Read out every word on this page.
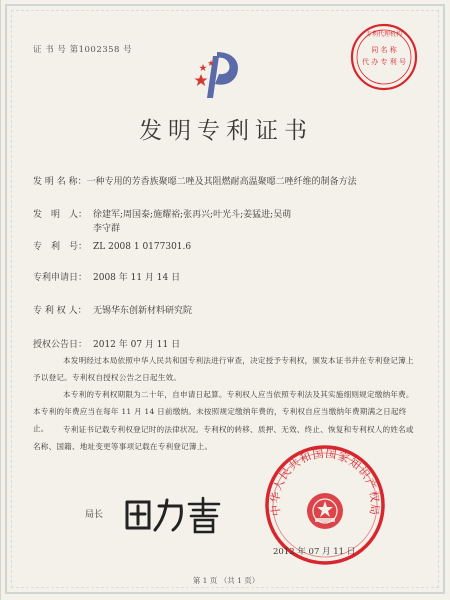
证 书 号 第1002358 号	同 名 称
代 办 专 利 号
专利代理机构
发明专利证书
发 明 名 称：一种专用的芳香族聚噁二唑及其阻燃耐高温聚噁二唑纤维的制备方法
发　明　人： 徐建军;周国泰;施耀裕;张再兴;叶光斗;姜猛进;吴萌
李守群
专　利　号： ZL 2008 1 0177301.6
专利申请日： 2008 年 11 月 14 日
专 利 权 人： 无锡华东创新材料研究院
授权公告日： 2012 年 07 月 11 日
本发明经过本局依照中华人民共和国专利法进行审查，决定授予专利权，颁发本证书并在专利登记簿上予以登记。专利权自授权公告之日起生效。
本专利的专利权期限为二十年，自申请日起算。专利权人应当依照专利法及其实施细则规定缴纳年费。本专利的年费应当在每年 11 月 14 日前缴纳。未按照规定缴纳年费的，专利权自应当缴纳年费期满之日起终止。	专利证书记载专利权登记时的法律状况。专利权的转移、质押、无效、终止、恢复和专利权人的姓名或名称、国籍、地址变更等事项记载在专利登记簿上。
局长	中华人民共和国国家知识产权局
2012 年 07 月 11 日
第 1 页 （共 1 页）
